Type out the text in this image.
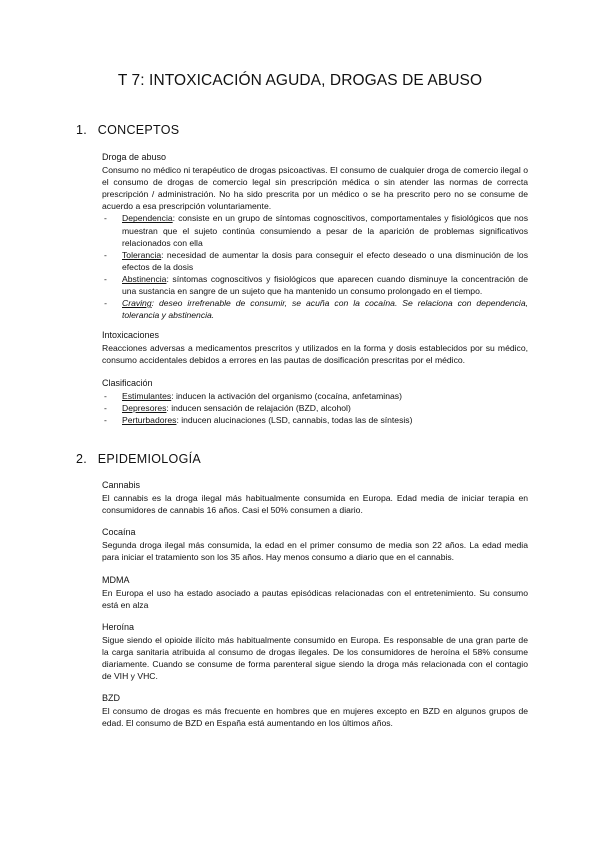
T 7: INTOXICACIÓN AGUDA, DROGAS DE ABUSO
1. CONCEPTOS
Droga de abuso
Consumo no médico ni terapéutico de drogas psicoactivas. El consumo de cualquier droga de comercio ilegal o el consumo de drogas de comercio legal sin prescripción médica o sin atender las normas de correcta prescripción / administración. No ha sido prescrita por un médico o se ha prescrito pero no se consume de acuerdo a esa prescripción voluntariamente.
- Dependencia: consiste en un grupo de síntomas cognoscitivos, comportamentales y fisiológicos que nos muestran que el sujeto continúa consumiendo a pesar de la aparición de problemas significativos relacionados con ella
- Tolerancia: necesidad de aumentar la dosis para conseguir el efecto deseado o una disminución de los efectos de la dosis
- Abstinencia: síntomas cognoscitivos y fisiológicos que aparecen cuando disminuye la concentración de una sustancia en sangre de un sujeto que ha mantenido un consumo prolongado en el tiempo.
- Craving: deseo irrefrenable de consumir, se acuña con la cocaína. Se relaciona con dependencia, tolerancia y abstinencia.
Intoxicaciones
Reacciones adversas a medicamentos prescritos y utilizados en la forma y dosis establecidos por su médico, consumo accidentales debidos a errores en las pautas de dosificación prescritas por el médico.
Clasificación
- Estimulantes: inducen la activación del organismo (cocaína, anfetaminas)
- Depresores: inducen sensación de relajación (BZD, alcohol)
- Perturbadores: inducen alucinaciones (LSD, cannabis, todas las de síntesis)
2. EPIDEMIOLOGÍA
Cannabis
El cannabis es la droga ilegal más habitualmente consumida en Europa. Edad media de iniciar terapia en consumidores de cannabis 16 años. Casi el 50% consumen a diario.
Cocaína
Segunda droga ilegal más consumida, la edad en el primer consumo de media son 22 años. La edad media para iniciar el tratamiento son los 35 años. Hay menos consumo a diario que en el cannabis.
MDMA
En Europa el uso ha estado asociado a pautas episódicas relacionadas con el entretenimiento. Su consumo está en alza
Heroína
Sigue siendo el opioide ilícito más habitualmente consumido en Europa. Es responsable de una gran parte de la carga sanitaria atribuida al consumo de drogas ilegales. De los consumidores de heroína el 58% consume diariamente. Cuando se consume de forma parenteral sigue siendo la droga más relacionada con el contagio de VIH y VHC.
BZD
El consumo de drogas es más frecuente en hombres que en mujeres excepto en BZD en algunos grupos de edad. El consumo de BZD en España está aumentando en los últimos años.
